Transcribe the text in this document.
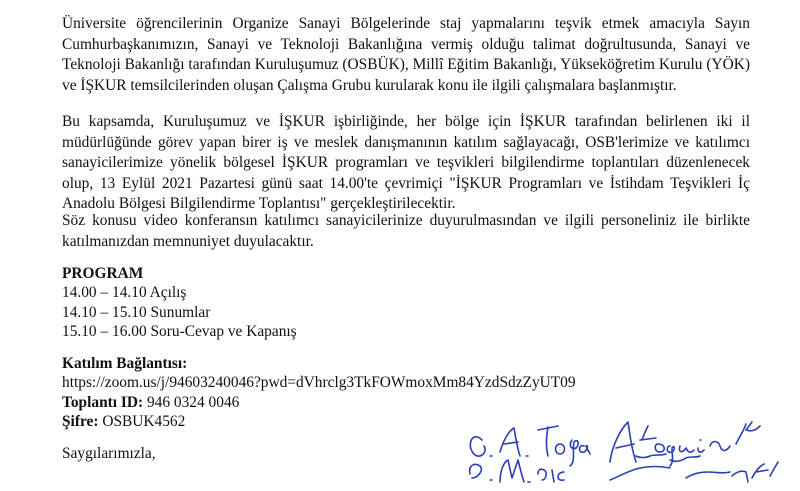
Üniversite öğrencilerinin Organize Sanayi Bölgelerinde staj yapmalarını teşvik etmek amacıyla Sayın Cumhurbaşkanımızın, Sanayi ve Teknoloji Bakanlığına vermiş olduğu talimat doğrultusunda, Sanayi ve Teknoloji Bakanlığı tarafından Kuruluşumuz (OSBÜK), Millî Eğitim Bakanlığı, Yükseköğretim Kurulu (YÖK) ve İŞKUR temsilcilerinden oluşan Çalışma Grubu kurularak konu ile ilgili çalışmalara başlanmıştır.

Bu kapsamda, Kuruluşumuz ve İŞKUR işbirliğinde, her bölge için İŞKUR tarafından belirlenen iki il müdürlüğünde görev yapan birer iş ve meslek danışmanının katılım sağlayacağı, OSB'lerimize ve katılımcı sanayicilerimize yönelik bölgesel İŞKUR programları ve teşvikleri bilgilendirme toplantıları düzenlenecek olup, 13 Eylül 2021 Pazartesi günü saat 14.00'te çevrimiçi "İŞKUR Programları ve İstihdam Teşvikleri İç Anadolu Bölgesi Bilgilendirme Toplantısı" gerçekleştirilecektir.

Söz konusu video konferansın katılımcı sanayicilerinize duyurulmasından ve ilgili personeliniz ile birlikte katılmanızdan memnuniyet duyulacaktır.

PROGRAM
14.00 – 14.10 Açılış
14.10 – 15.10 Sunumlar
15.10 – 16.00 Soru-Cevap ve Kapanış
Katılım Bağlantısı:
https://zoom.us/j/94603240046?pwd=dVhrclg3TkFOWmoxMm84YzdSdzZyUT09
Toplantı ID: 946 0324 0046
Şifre: OSBUK4562
Saygılarımızla,
